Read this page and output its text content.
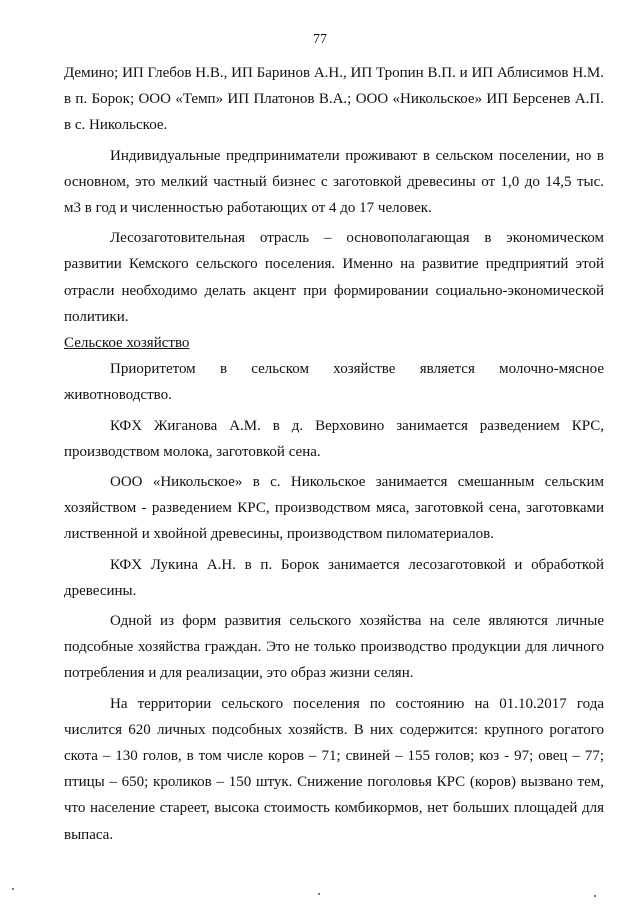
77

Демино; ИП Глебов Н.В., ИП Баринов А.Н., ИП Тропин В.П. и ИП Аблисимов Н.М. в п. Борок; ООО «Темп» ИП Платонов В.А.; ООО «Никольское» ИП Берсенев А.П. в с. Никольское.

Индивидуальные предприниматели проживают в сельском поселении, но в основном, это мелкий частный бизнес с заготовкой древесины от 1,0 до 14,5 тыс. м3 в год и численностью работающих от 4 до 17 человек.

Лесозаготовительная отрасль – основополагающая в экономическом развитии Кемского сельского поселения. Именно на развитие предприятий этой отрасли необходимо делать акцент при формировании социально-экономической политики.

Сельское хозяйство

Приоритетом в сельском хозяйстве является молочно-мясное животноводство.

КФХ Жиганова А.М. в д. Верховино занимается разведением КРС, производством молока, заготовкой сена.

ООО «Никольское» в с. Никольское занимается смешанным сельским хозяйством - разведением КРС, производством мяса, заготовкой сена, заготовками лиственной и хвойной древесины, производством пиломатериалов.

КФХ Лукина А.Н. в п. Борок занимается лесозаготовкой и обработкой древесины.

Одной из форм развития сельского хозяйства на селе являются личные подсобные хозяйства граждан. Это не только производство продукции для личного потребления и для реализации, это образ жизни селян.

На территории сельского поселения по состоянию на 01.10.2017 года числится 620 личных подсобных хозяйств. В них содержится: крупного рогатого скота – 130 голов, в том числе коров – 71; свиней – 155 голов; коз - 97; овец – 77; птицы – 650; кроликов – 150 штук. Снижение поголовья КРС (коров) вызвано тем, что население стареет, высока стоимость комбикормов, нет больших площадей для выпаса.
